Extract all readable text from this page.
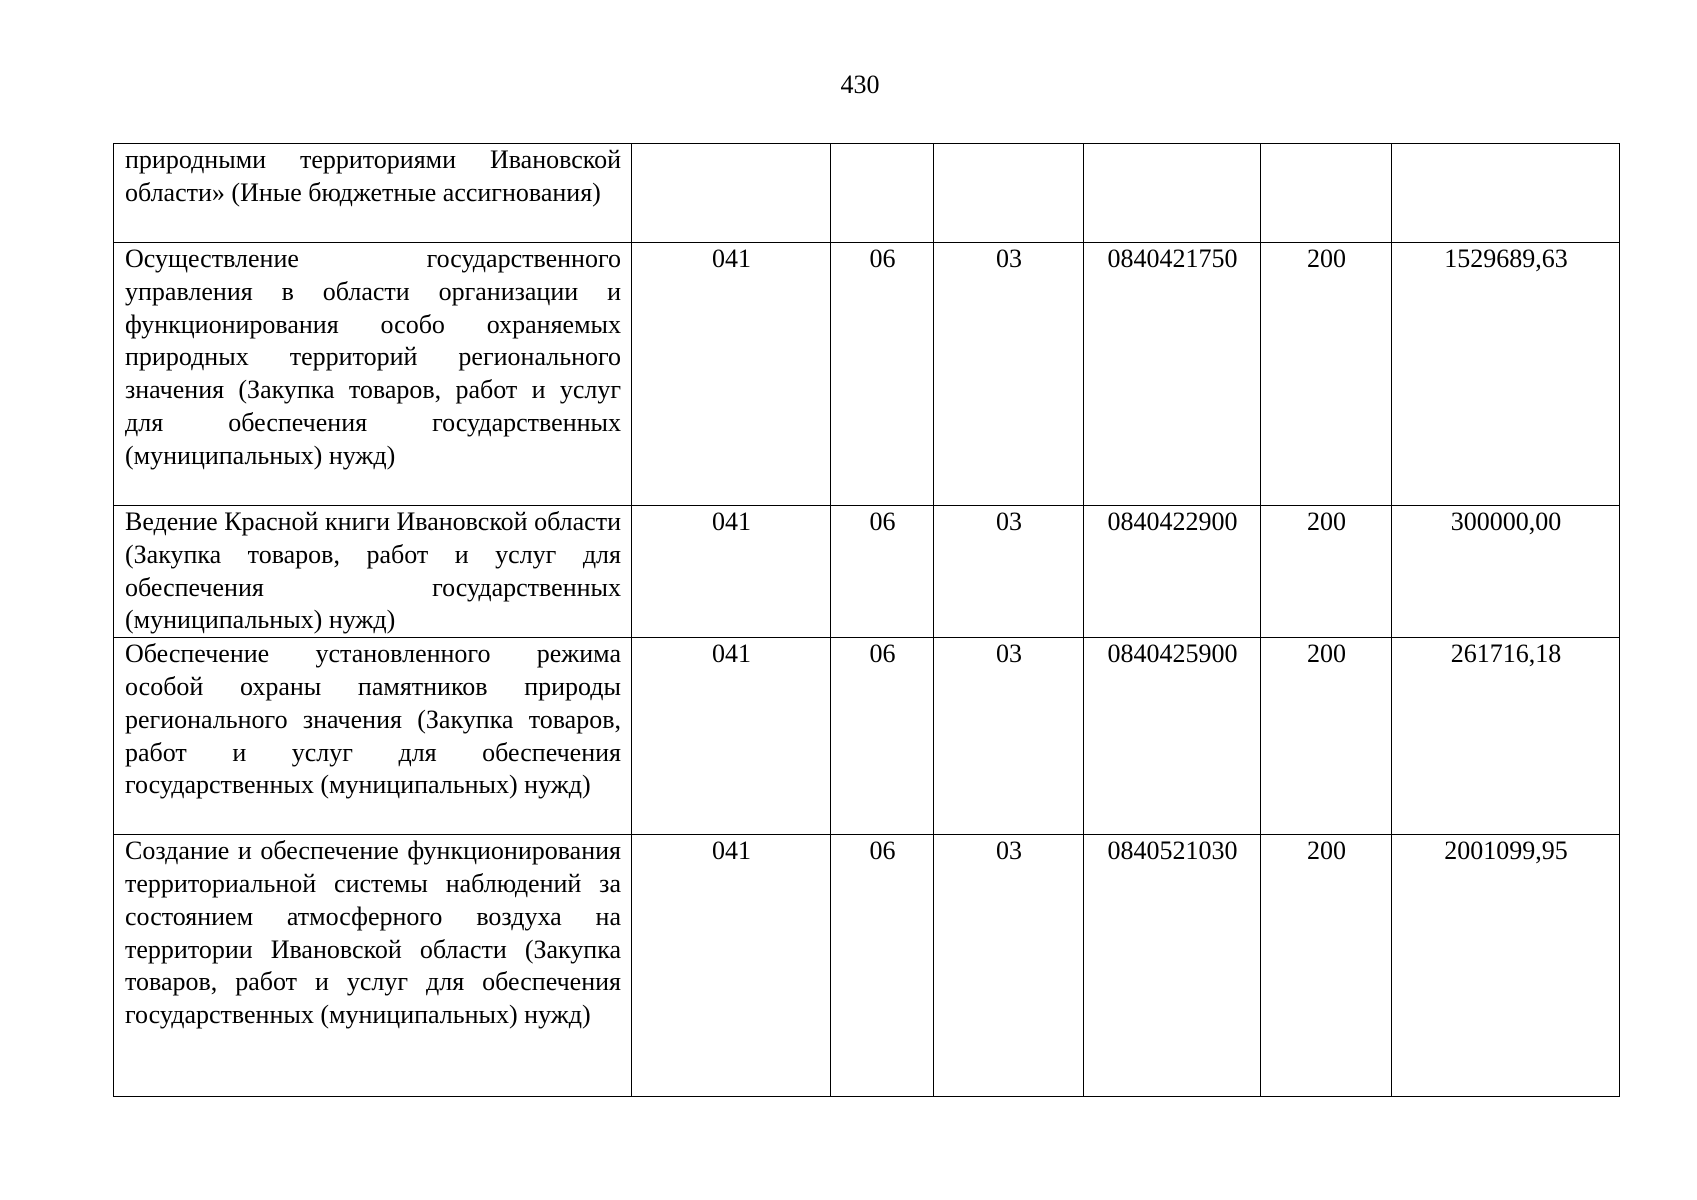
430
природными территориями Ивановской области» (Иные бюджетные ассигнования)						
Осуществление государственного управления в области организации и функционирования особо охраняемых природных территорий регионального значения (Закупка товаров, работ и услуг для обеспечения государственных (муниципальных) нужд)	041	06	03	0840421750	200	1529689,63
Ведение Красной книги Ивановской области (Закупка товаров, работ и услуг для обеспечения государственных (муниципальных) нужд)	041	06	03	0840422900	200	300000,00
Обеспечение установленного режима особой охраны памятников природы регионального значения (Закупка товаров, работ и услуг для обеспечения государственных (муниципальных) нужд)	041	06	03	0840425900	200	261716,18
Создание и обеспечение функционирования территориальной системы наблюдений за состоянием атмосферного воздуха на территории Ивановской области (Закупка товаров, работ и услуг для обеспечения государственных (муниципальных) нужд)	041	06	03	0840521030	200	2001099,95
